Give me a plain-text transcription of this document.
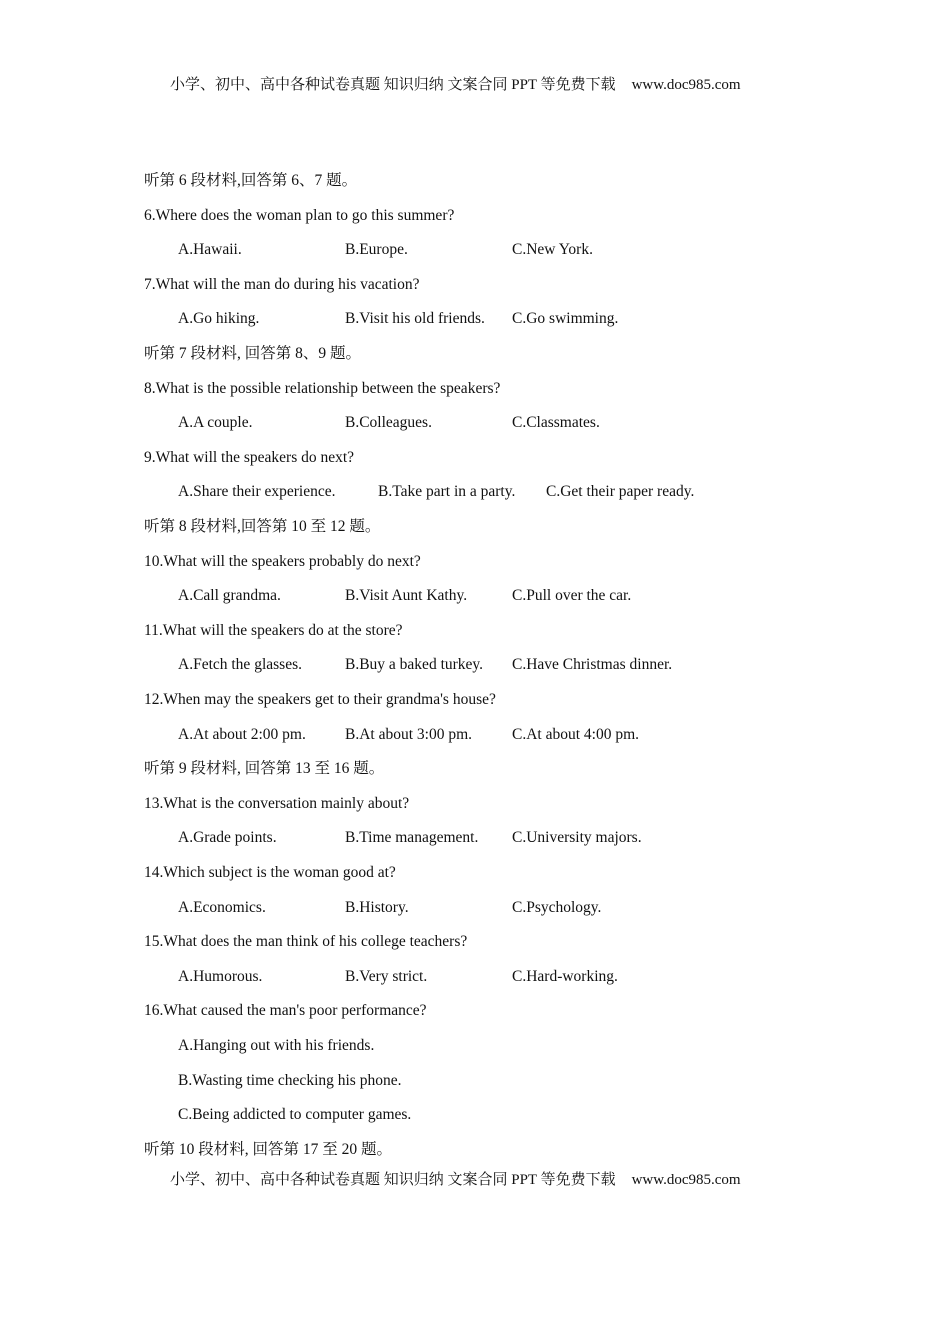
小学、初中、高中各种试卷真题 知识归纳 文案合同 PPT 等免费下载 www.doc985.com
听第 6 段材料,回答第 6、7 题。
6.Where does the woman plan to go this summer?
A.Hawaii.	B.Europe.	C.New York.
7.What will the man do during his vacation?
A.Go hiking.	B.Visit his old friends. C.Go swimming.
听第 7 段材料, 回答第 8、9 题。
8.What is the possible relationship between the speakers?
A.A couple.	B.Colleagues.	C.Classmates.
9.What will the speakers do next?
A.Share their experience.	B.Take part in a party. C.Get their paper ready.
听第 8 段材料,回答第 10 至 12 题。
10.What will the speakers probably do next?
A.Call grandma.	B.Visit Aunt Kathy.	C.Pull over the car.
11.What will the speakers do at the store?
A.Fetch the glasses.	B.Buy a baked turkey. C.Have Christmas dinner.
12.When may the speakers get to their grandma's house?
A.At about 2:00 pm.	B.At about 3:00 pm.	C.At about 4:00 pm.
听第 9 段材料, 回答第 13 至 16 题。
13.What is the conversation mainly about?
A.Grade points.	B.Time management. C.University majors.
14.Which subject is the woman good at?
A.Economics.	B.History.	C.Psychology.
15.What does the man think of his college teachers?
A.Humorous.	B.Very strict.	C.Hard-working.
16.What caused the man's poor performance?
A.Hanging out with his friends.
B.Wasting time checking his phone.
C.Being addicted to computer games.
听第 10 段材料, 回答第 17 至 20 题。
小学、初中、高中各种试卷真题 知识归纳 文案合同 PPT 等免费下载 www.doc985.com
